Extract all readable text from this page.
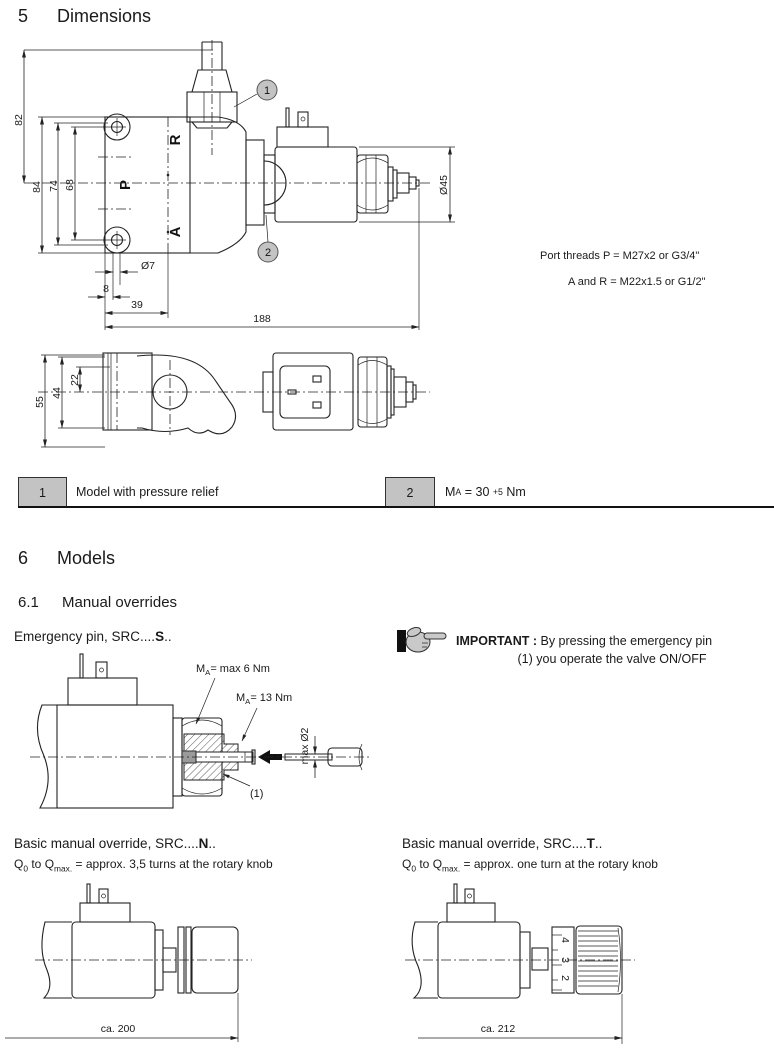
5	Dimensions
82
84 74 68
R
P
A
1
2
Ø45
Ø7
8
39
188
Port threads P = M27x2 or G3/4"
A and R = M22x1.5 or G1/2"
55
44
22
1 Model with pressure relief	2	M A = 30 +5 Nm
6	Models
6.1	Manual overrides
Emergency pin, SRC....S..	IMPORTANT : By pressing the emergency pin
(1) you operate the valve ON/OFF
max Ø2
$M_A= \max 6$ Nm
$M_A= 13$ Nm
(1)
Basic manual override, SRC....N..
$Q_0$ to $Q_{max.}$ = approx. 3,5 turns at the rotary knob
Basic manual override, SRC....T..
$Q_0$ to $Q_{max.}$ = approx. one turn at the rotary knob
ca. 200
4
3
2
ca. 212
